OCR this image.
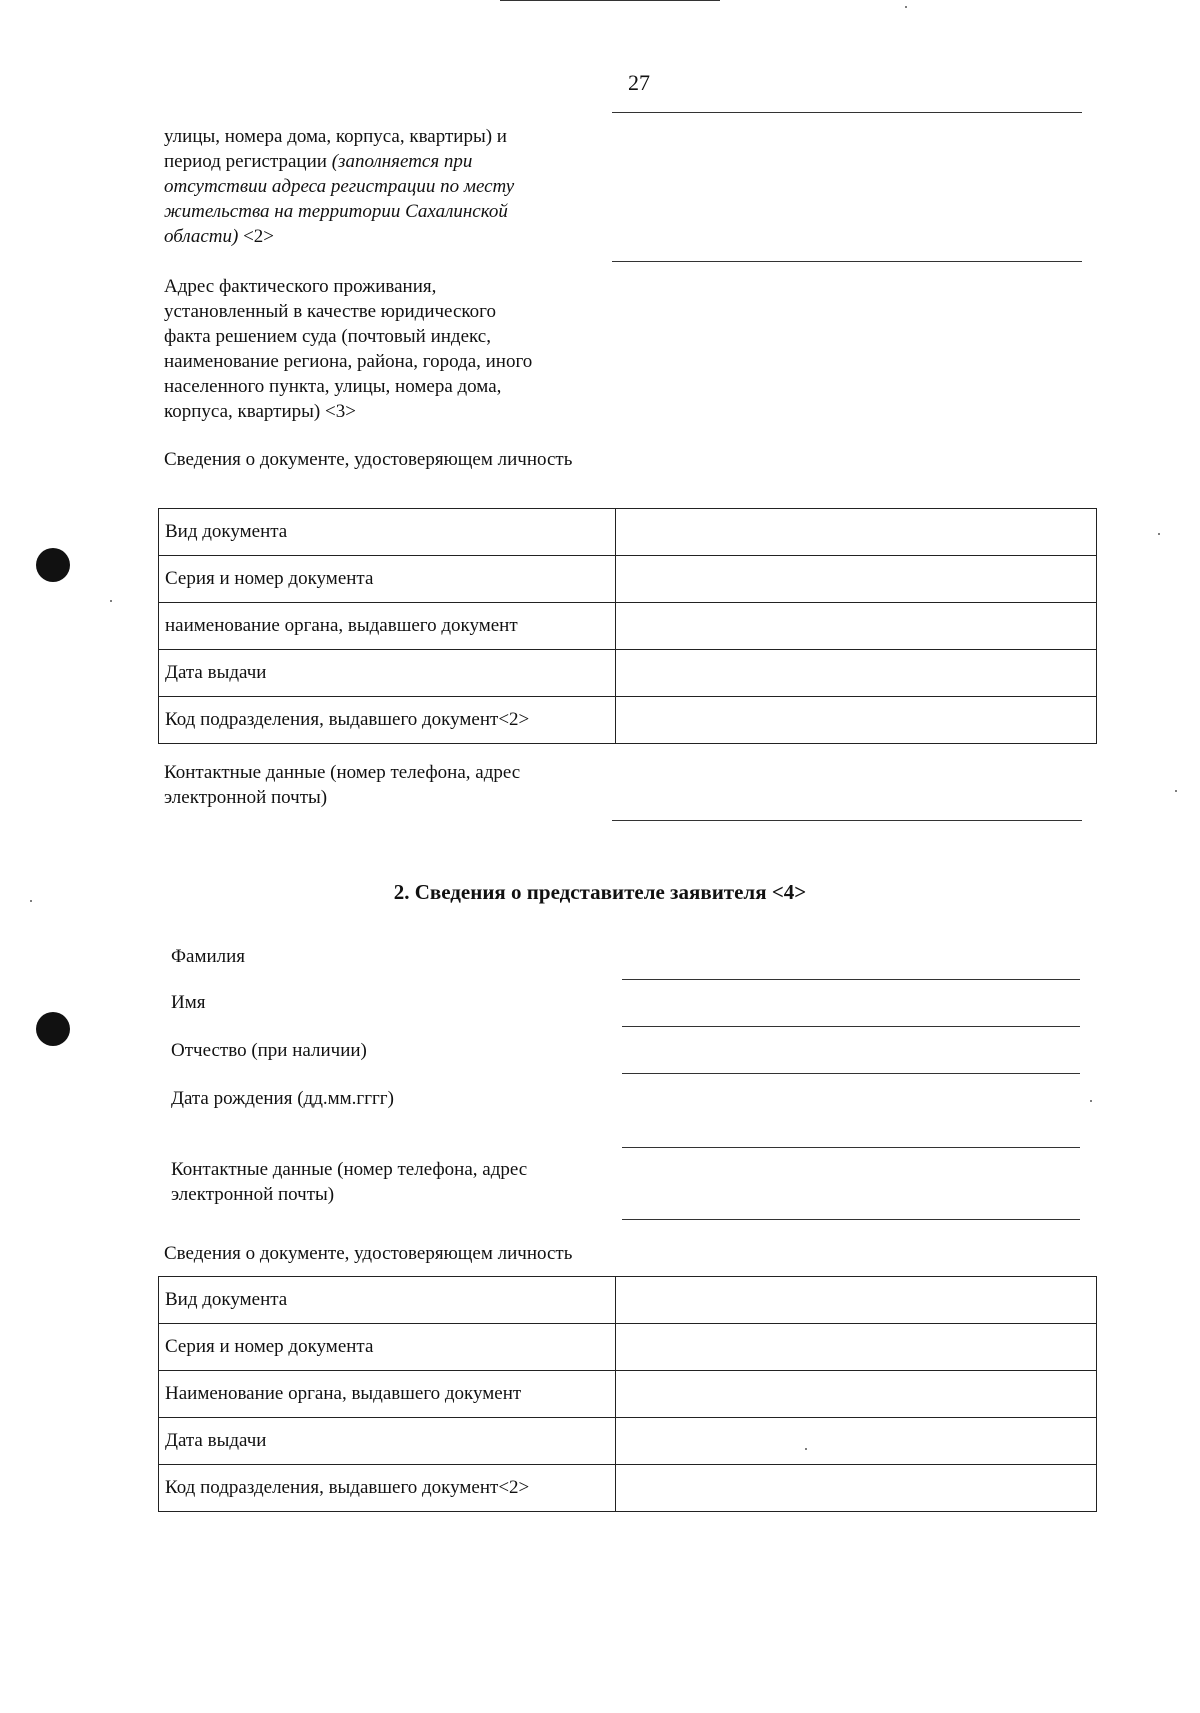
27
улицы, номера дома, корпуса, квартиры) и
период регистрации (заполняется при
отсутствии адреса регистрации по месту
жительства на территории Сахалинской
области) <2>
Адрес фактического проживания,
установленный в качестве юридического
факта решением суда (почтовый индекс,
наименование региона, района, города, иного
населенного пункта, улицы, номера дома,
корпуса, квартиры) <3>
Сведения о документе, удостоверяющем личность
Вид документа	
Серия и номер документа	
наименование органа, выдавшего документ	
Дата выдачи	
Код подразделения, выдавшего документ<2>	
Контактные данные (номер телефона, адрес
электронной почты)
2. Сведения о представителе заявителя <4>
Фамилия
Имя
Отчество (при наличии)
Дата рождения (дд.мм.гггг)
Контактные данные (номер телефона, адрес
электронной почты)
Сведения о документе, удостоверяющем личность
Вид документа	
Серия и номер документа	
Наименование органа, выдавшего документ	
Дата выдачи	
Код подразделения, выдавшего документ<2>	
